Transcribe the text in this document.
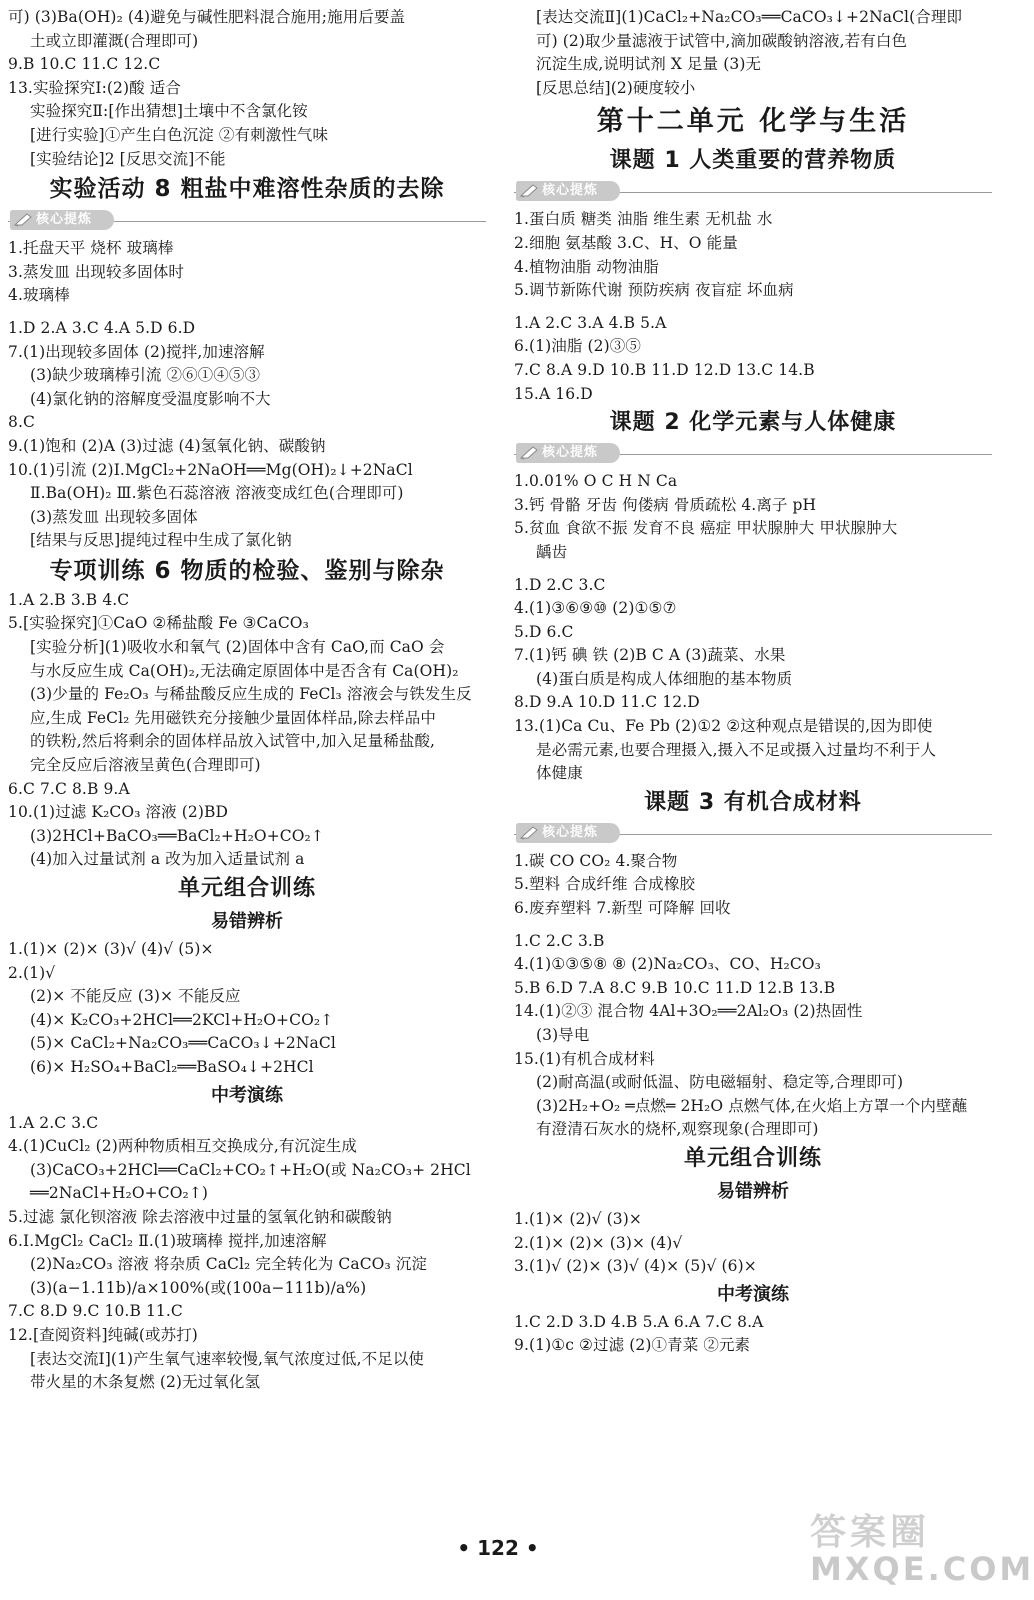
可) (3)Ba(OH)₂ (4)避免与碱性肥料混合施用;施用后要盖
土或立即灌溉(合理即可)
9.B 10.C 11.C 12.C
13.实验探究Ⅰ:(2)酸 适合
实验探究Ⅱ:[作出猜想]土壤中不含氯化铵
[进行实验]①产生白色沉淀 ②有刺激性气味
[实验结论]2 [反思交流]不能
实验活动 8 粗盐中难溶性杂质的去除
核心提炼
1.托盘天平 烧杯 玻璃棒
3.蒸发皿 出现较多固体时
4.玻璃棒
1.D 2.A 3.C 4.A 5.D 6.D
7.(1)出现较多固体 (2)搅拌,加速溶解
(3)缺少玻璃棒引流 ②⑥①④⑤③
(4)氯化钠的溶解度受温度影响不大
8.C
9.(1)饱和 (2)A (3)过滤 (4)氢氧化钠、碳酸钠
10.(1)引流 (2)Ⅰ.MgCl₂+2NaOH══Mg(OH)₂↓+2NaCl
Ⅱ.Ba(OH)₂ Ⅲ.紫色石蕊溶液 溶液变成红色(合理即可)
(3)蒸发皿 出现较多固体
[结果与反思]提纯过程中生成了氯化钠
专项训练 6 物质的检验、鉴别与除杂
1.A 2.B 3.B 4.C
5.[实验探究]①CaO ②稀盐酸 Fe ③CaCO₃
[实验分析](1)吸收水和氧气 (2)固体中含有 CaO,而 CaO 会
与水反应生成 Ca(OH)₂,无法确定原固体中是否含有 Ca(OH)₂
(3)少量的 Fe₂O₃ 与稀盐酸反应生成的 FeCl₃ 溶液会与铁发生反
应,生成 FeCl₂ 先用磁铁充分接触少量固体样品,除去样品中
的铁粉,然后将剩余的固体样品放入试管中,加入足量稀盐酸,
完全反应后溶液呈黄色(合理即可)
6.C 7.C 8.B 9.A
10.(1)过滤 K₂CO₃ 溶液 (2)BD
(3)2HCl+BaCO₃══BaCl₂+H₂O+CO₂↑
(4)加入过量试剂 a 改为加入适量试剂 a
单元组合训练
易错辨析
1.(1)× (2)× (3)√ (4)√ (5)×
2.(1)√
(2)× 不能反应 (3)× 不能反应
(4)× K₂CO₃+2HCl══2KCl+H₂O+CO₂↑
(5)× CaCl₂+Na₂CO₃══CaCO₃↓+2NaCl
(6)× H₂SO₄+BaCl₂══BaSO₄↓+2HCl
中考演练
1.A 2.C 3.C
4.(1)CuCl₂ (2)两种物质相互交换成分,有沉淀生成
(3)CaCO₃+2HCl══CaCl₂+CO₂↑+H₂O(或 Na₂CO₃+ 2HCl
══2NaCl+H₂O+CO₂↑)
5.过滤 氯化钡溶液 除去溶液中过量的氢氧化钠和碳酸钠
6.Ⅰ.MgCl₂ CaCl₂ Ⅱ.(1)玻璃棒 搅拌,加速溶解
(2)Na₂CO₃ 溶液 将杂质 CaCl₂ 完全转化为 CaCO₃ 沉淀
(3)(a−1.11b)/a×100%(或(100a−111b)/a%)
7.C 8.D 9.C 10.B 11.C
12.[查阅资料]纯碱(或苏打)
[表达交流Ⅰ](1)产生氧气速率较慢,氧气浓度过低,不足以使
带火星的木条复燃 (2)无过氧化氢
[表达交流Ⅱ](1)CaCl₂+Na₂CO₃══CaCO₃↓+2NaCl(合理即
可) (2)取少量滤液于试管中,滴加碳酸钠溶液,若有白色
沉淀生成,说明试剂 X 足量 (3)无
[反思总结](2)硬度较小
第十二单元 化学与生活
课题 1 人类重要的营养物质
核心提炼
1.蛋白质 糖类 油脂 维生素 无机盐 水
2.细胞 氨基酸 3.C、H、O 能量
4.植物油脂 动物油脂
5.调节新陈代谢 预防疾病 夜盲症 坏血病
1.A 2.C 3.A 4.B 5.A
6.(1)油脂 (2)③⑤
7.C 8.A 9.D 10.B 11.D 12.D 13.C 14.B
15.A 16.D
课题 2 化学元素与人体健康
核心提炼
1.0.01% O C H N Ca
3.钙 骨骼 牙齿 佝偻病 骨质疏松 4.离子 pH
5.贫血 食欲不振 发育不良 癌症 甲状腺肿大 甲状腺肿大
龋齿
1.D 2.C 3.C
4.(1)③⑥⑨⑩ (2)①⑤⑦
5.D 6.C
7.(1)钙 碘 铁 (2)B C A (3)蔬菜、水果
(4)蛋白质是构成人体细胞的基本物质
8.D 9.A 10.D 11.C 12.D
13.(1)Ca Cu、Fe Pb (2)①2 ②这种观点是错误的,因为即使
是必需元素,也要合理摄入,摄入不足或摄入过量均不利于人
体健康
课题 3 有机合成材料
核心提炼
1.碳 CO CO₂ 4.聚合物
5.塑料 合成纤维 合成橡胶
6.废弃塑料 7.新型 可降解 回收
1.C 2.C 3.B
4.(1)①③⑤⑧ ⑧ (2)Na₂CO₃、CO、H₂CO₃
5.B 6.D 7.A 8.C 9.B 10.C 11.D 12.B 13.B
14.(1)②③ 混合物 4Al+3O₂══2Al₂O₃ (2)热固性
(3)导电
15.(1)有机合成材料
(2)耐高温(或耐低温、防电磁辐射、稳定等,合理即可)
(3)2H₂+O₂ ═点燃═ 2H₂O 点燃气体,在火焰上方罩一个内壁蘸
有澄清石灰水的烧杯,观察现象(合理即可)
单元组合训练
易错辨析
1.(1)× (2)√ (3)×
2.(1)× (2)× (3)× (4)√
3.(1)√ (2)× (3)√ (4)× (5)√ (6)×
中考演练
1.C 2.D 3.D 4.B 5.A 6.A 7.C 8.A
9.(1)①c ②过滤 (2)①青菜 ②元素
• 122 •	答案圈
MXQE.COM
